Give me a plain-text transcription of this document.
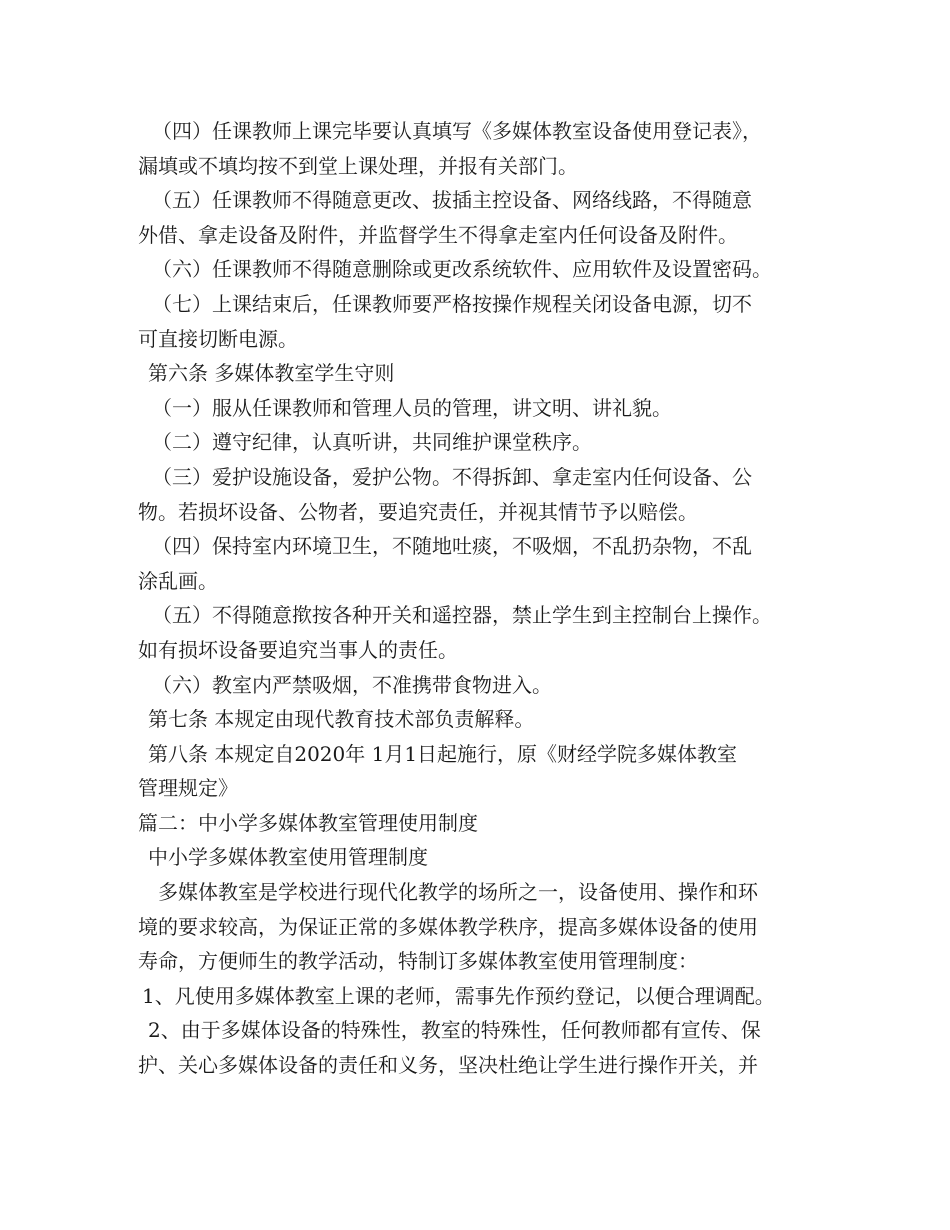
（四）任课教师上课完毕要认真填写《多媒体教室设备使用登记表》，
漏填或不填均按不到堂上课处理，并报有关部门。
（五）任课教师不得随意更改、拔插主控设备、网络线路，不得随意
外借、拿走设备及附件，并监督学生不得拿走室内任何设备及附件。
（六）任课教师不得随意删除或更改系统软件、应用软件及设置密码。
（七）上课结束后，任课教师要严格按操作规程关闭设备电源，切不
可直接切断电源。
第六条 多媒体教室学生守则
（一）服从任课教师和管理人员的管理，讲文明、讲礼貌。
（二）遵守纪律，认真听讲，共同维护课堂秩序。
（三）爱护设施设备，爱护公物。不得拆卸、拿走室内任何设备、公
物。若损坏设备、公物者，要追究责任，并视其情节予以赔偿。
（四）保持室内环境卫生，不随地吐痰，不吸烟，不乱扔杂物，不乱
涂乱画。
（五）不得随意揿按各种开关和遥控器，禁止学生到主控制台上操作。
如有损坏设备要追究当事人的责任。
（六）教室内严禁吸烟，不准携带食物进入。
第七条 本规定由现代教育技术部负责解释。
第八条 本规定自2020年 1月1日起施行，原《财经学院多媒体教室
管理规定》
篇二：中小学多媒体教室管理使用制度
中小学多媒体教室使用管理制度
多媒体教室是学校进行现代化教学的场所之一，设备使用、操作和环
境的要求较高，为保证正常的多媒体教学秩序，提高多媒体设备的使用
寿命，方便师生的教学活动，特制订多媒体教室使用管理制度：
1、凡使用多媒体教室上课的老师，需事先作预约登记，以便合理调配。
2、由于多媒体设备的特殊性，教室的特殊性，任何教师都有宣传、保
护、关心多媒体设备的责任和义务，坚决杜绝让学生进行操作开关，并
